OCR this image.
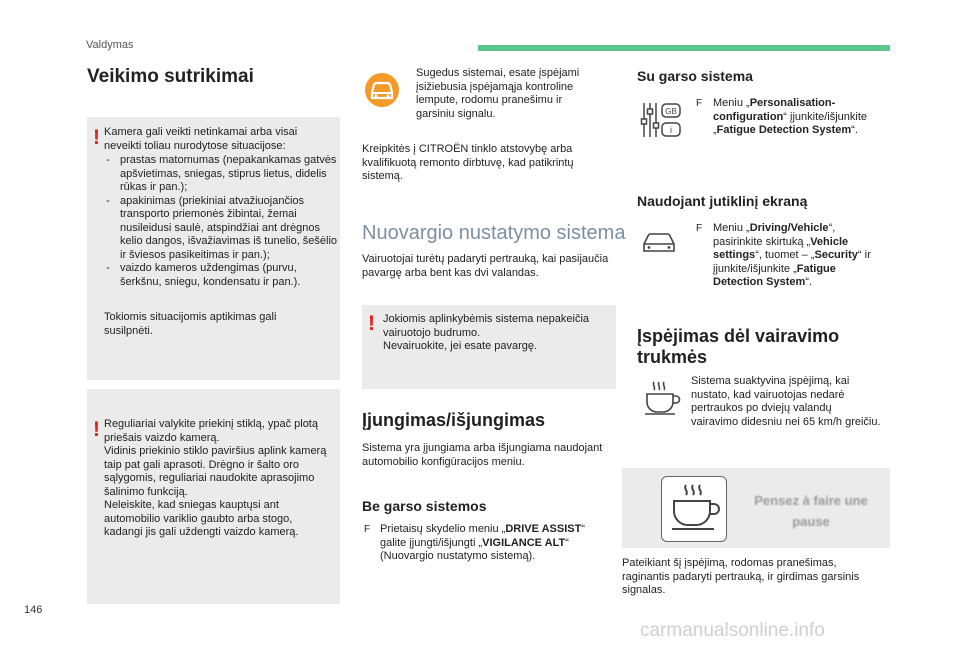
Valdymas
Veikimo sutrikimai
! Kamera gali veikti netinkamai arba visai neveikti toliau nurodytose situacijose:
- prastas matomumas (nepakankamas gatvės apšvietimas, sniegas, stiprus lietus, didelis rūkas ir pan.);
- apakinimas (priekiniai atvažiuojančios transporto priemonės žibintai, žemai nusileidusi saulė, atspindžiai ant drėgnos kelio dangos, išvažiavimas iš tunelio, šešėlio ir šviesos pasikeitimas ir pan.);
- vaizdo kameros uždengimas (purvu, šerkšnu, sniegu, kondensatu ir pan.).
Tokiomis situacijomis aptikimas gali susilpnėti.
! Reguliariai valykite priekinį stiklą, ypač plotą priešais vaizdo kamerą.
Vidinis priekinio stiklo paviršius aplink kamerą taip pat gali aprasoti. Drėgno ir šalto oro sąlygomis, reguliariai naudokite aprasojimo šalinimo funkciją.
Neleiskite, kad sniegas kauptųsi ant automobilio variklio gaubto arba stogo, kadangi jis gali uždengti vaizdo kamerą.
Sugedus sistemai, esate įspėjami įsižiebusia įspėjamąja kontroline lempute, rodomu pranešimu ir garsiniu signalu.
Kreipkitės į CITROËN tinklo atstovybę arba kvalifikuotą remonto dirbtuvę, kad patikrintų sistemą.
Nuovargio nustatymo sistema
Vairuotojai turėtų padaryti pertrauką, kai pasijaučia pavargę arba bent kas dvi valandas.
! Jokiomis aplinkybėmis sistema nepakeičia vairuotojo budrumo.
Nevairuokite, jei esate pavargę.
Įjungimas/išjungimas
Sistema yra įjungiama arba išjungiama naudojant automobilio konfigūracijos meniu.
Be garso sistemos
F Prietaisų skydelio meniu „DRIVE ASSIST“ galite įjungti/išjungti „VIGILANCE ALT“ (Nuovargio nustatymo sistemą).
Su garso sistema
GB
i
F Meniu „Personalisation-configuration“ įjunkite/išjunkite „Fatigue Detection System“.
Naudojant jutiklinį ekraną
F Meniu „Driving/Vehicle“, pasirinkite skirtuką „Vehicle settings“, tuomet – „Security“ ir įjunkite/išjunkite „Fatigue Detection System“.
Įspėjimas dėl vairavimo trukmės
Sistema suaktyvina įspėjimą, kai nustato, kad vairuotojas nedarė pertraukos po dviejų valandų vairavimo didesniu nei 65 km/h greičiu.
Pensez à faire une pause
Pateikiant šį įspėjimą, rodomas pranešimas, raginantis padaryti pertrauką, ir girdimas garsinis signalas.
146
carmanualsonline.info
